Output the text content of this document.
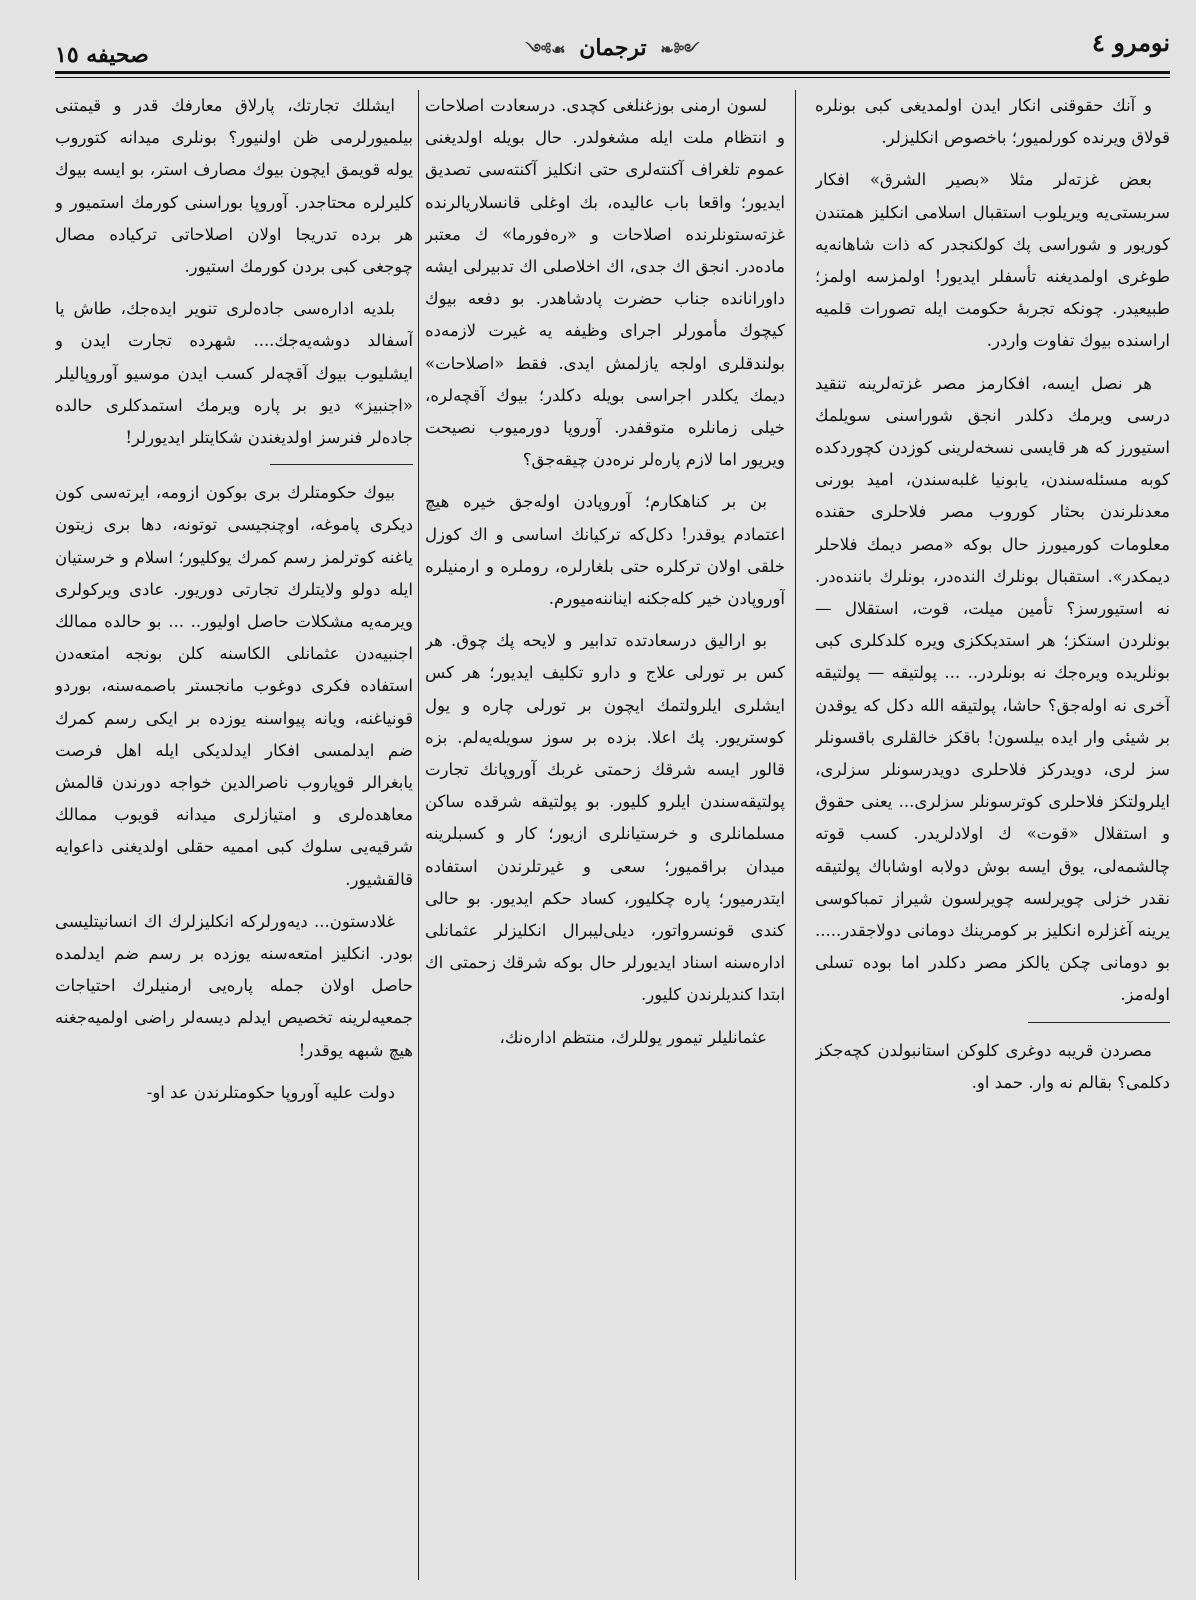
نومرو ٤
༺❧ ترجمان ☙༻
صحيفه ١٥

و آنك حقوقنى انكار ايدن اولمديغى كبى بونلره قولاق ويرنده كورلميور؛ باخصوص انكليزلر.

بعض غزته‌لر مثلا «بصير الشرق» افكار سربستى‌يه ويريلوب استقبال اسلامى انكليز همتندن كوريور و شوراسى پك كولكنجدر كه ذات شاهانه‌يه طوغرى اولمديغنه تأسفلر ايديور! اولمزسه اولمز؛ طبيعيدر. چونكه تجربهٔ حكومت ايله تصورات قلميه اراسنده بيوك تفاوت واردر.

هر نصل ايسه، افكارمز مصر غزته‌لرينه تنقيد درسى ويرمك دكلدر انجق شوراسنى سويلمك استيورز كه هر قايسى نسخه‌لرينى كوزدن كچوردكده كوبه مسئله‌سندن، يابونيا غلبه‌سندن، اميد بورنى معدنلرندن بحثار كوروب مصر فلاحلرى حقنده معلومات كورميورز حال بوكه «مصر ديمك فلاحلر ديمكدر». استقبال بونلرك الندەدر، بونلرك بانندەدر. نه استيورسز؟ تأمين ميلت، قوت، استقلال — بونلردن استكز؛ هر استديككزى ويره كلدكلرى كبى بونلريده ويره‌جك نه بونلردر.. ... پولتيقه — پولتيقه آخرى نه اوله‌جق؟ حاشا، پولتيقه الله دكل كه يوقدن بر شيئى وار ايده بيلسون! باقكز خالقلرى باقسونلر سز لرى، دويدركز فلاحلرى دويدرسونلر سزلرى، ايلرولتكز فلاحلرى كوترسونلر سزلرى... يعنى حقوق و استقلال «قوت» ك اولادلريدر. كسب قوته چالشمه‌لى، يوق ايسه بوش دولابه اوشاباك پولتيقه نقدر خزلى چويرلسه چويرلسون شيراز تمباكوسى يرينه آغزلره انكليز بر كومرينك دومانى دولاجقدر..... بو دومانى چكن يالكز مصر دكلدر اما بوده تسلى اولەمز.

مصردن قريبه دوغرى كلوكن استانبولدن كچەجكز دكلمى؟ بقالم نه وار. حمد او.

لسون ارمنى بوزغنلغى كچدى. درسعادت اصلاحات و انتظام ملت ايله مشغولدر. حال بويله اولديغنى عموم تلغراف آكنته‌لرى حتى انكليز آكنته‌سى تصديق ايديور؛ واقعا باب عاليده، بك اوغلى قانسلاريالرنده غزته‌ستونلرنده اصلاحات و «ره‌فورما» ك معتبر ماده‌در. انجق اك جدى، اك اخلاصلى اك تدبيرلى ايشه داورانانده جناب حضرت پادشاهدر. بو دفعه بيوك كيچوك مأمورلر اجراى وظيفه يه غيرت لازمه‌ده بولندقلرى اولجه يازلمش ايدى. فقط «اصلاحات» ديمك يكلدر اجراسى بويله دكلدر؛ بيوك آقچه‌لره، خيلى زمانلره متوقفدر. آوروپا دورميوب نصيحت ويريور اما لازم پاره‌لر نره‌دن چيقه‌جق؟

بن بر كناهكارم؛ آوروپادن اوله‌جق خيره هيچ اعتمادم يوقدر! دكل‌كه تركيانك اساسى و اك كوزل خلقى اولان تركلره حتى بلغارلره، روملره و ارمنيلره آوروپادن خير كله‌جكنه ايناننه‌ميورم.

بو اراليق درسعادتده تدابير و لايحه پك چوق. هر كس بر تورلى علاج و دارو تكليف ايديور؛ هر كس ايشلرى ايلرولتمك ايچون بر تورلى چاره و يول كوستريور. پك اعلا. بزده بر سوز سويله‌يه‌لم. بزه قالور ايسه شرقك زحمتى غربك آوروپانك تجارت پولتيقه‌سندن ايلرو كليور. بو پولتيقه شرقده ساكن مسلمانلرى و خرستيانلرى ازيور؛ كار و كسبلرينه ميدان براقميور؛ سعى و غيرتلرندن استفاده ايتدرميور؛ پاره چكليور، كساد حكم ايديور. بو حالى كندى قونسرواتور، ديلى‌ليبرال انكليزلر عثمانلى اداره‌سنه اسناد ايديورلر حال بوكه شرقك زحمتى اك ابتدا كنديلرندن كليور.

عثمانليلر تيمور يوللرك، منتظم اداره‌نك،

ايشلك تجارتك، پارلاق معارفك قدر و قيمتنى بيلميورلرمى ظن اولنيور؟ بونلرى ميدانه كتوروب يوله قويمق ايچون بيوك مصارف استر، بو ايسه بيوك كليرلره محتاجدر. آوروپا بوراسنى كورمك استميور و هر برده تدريجا اولان اصلاحاتى تركياده مصال چوجغى كبى بردن كورمك استيور.

بلديه اداره‌سى جاده‌لرى تنوير ايده‌جك، طاش يا آسفالد دوشه‌يه‌جك.... شهرده تجارت ايدن و ايشليوب بيوك آقچه‌لر كسب ايدن موسيو آوروپاليلر «اجنبيز» ديو بر پاره ويرمك استمدكلرى حالده جاده‌لر فنرسز اولديغندن شكايتلر ايديورلر!

بيوك حكومتلرك برى بوكون ازومه، ايرته‌سى كون ديكرى پاموغه، اوچنجيسى توتونه، دها برى زيتون ياغنه كوترلمز رسم كمرك يوكليور؛ اسلام و خرستيان ايله دولو ولايتلرك تجارتى دوريور. عادى ويركولرى ويرمه‌يه مشكلات حاصل اوليور.. ... بو حالده ممالك اجنبيه‌دن عثمانلى الكاسنه كلن بونجه امتعه‌دن استفاده فكرى دوغوب مانجستر باصمه‌سنه، بوردو قونياغنه، ويانه پيواسنه يوزده بر ايكى رسم كمرك ضم ايدلمسى افكار ايدلديكى ايله اهل فرصت يابغرالر قوپاروب ناصرالدين خواجه دورندن قالمش معاهده‌لرى و امتيازلرى ميدانه قويوب ممالك شرقيه‌يى سلوك كبى امميه حقلى اولديغنى داعوايه قالقشيور.

غلادستون... ديەورلركه انكليزلرك اك انسانيتليسى بودر. انكليز امتعه‌سنه يوزده بر رسم ضم ايدلمده حاصل اولان جمله پاره‌يى ارمنيلرك احتياجات جمعيه‌لرينه تخصيص ايدلم ديسه‌لر راضى اولميه‌جغنه هيچ شبهه يوقدر!

دولت عليه آوروپا حكومتلرندن عد او-
